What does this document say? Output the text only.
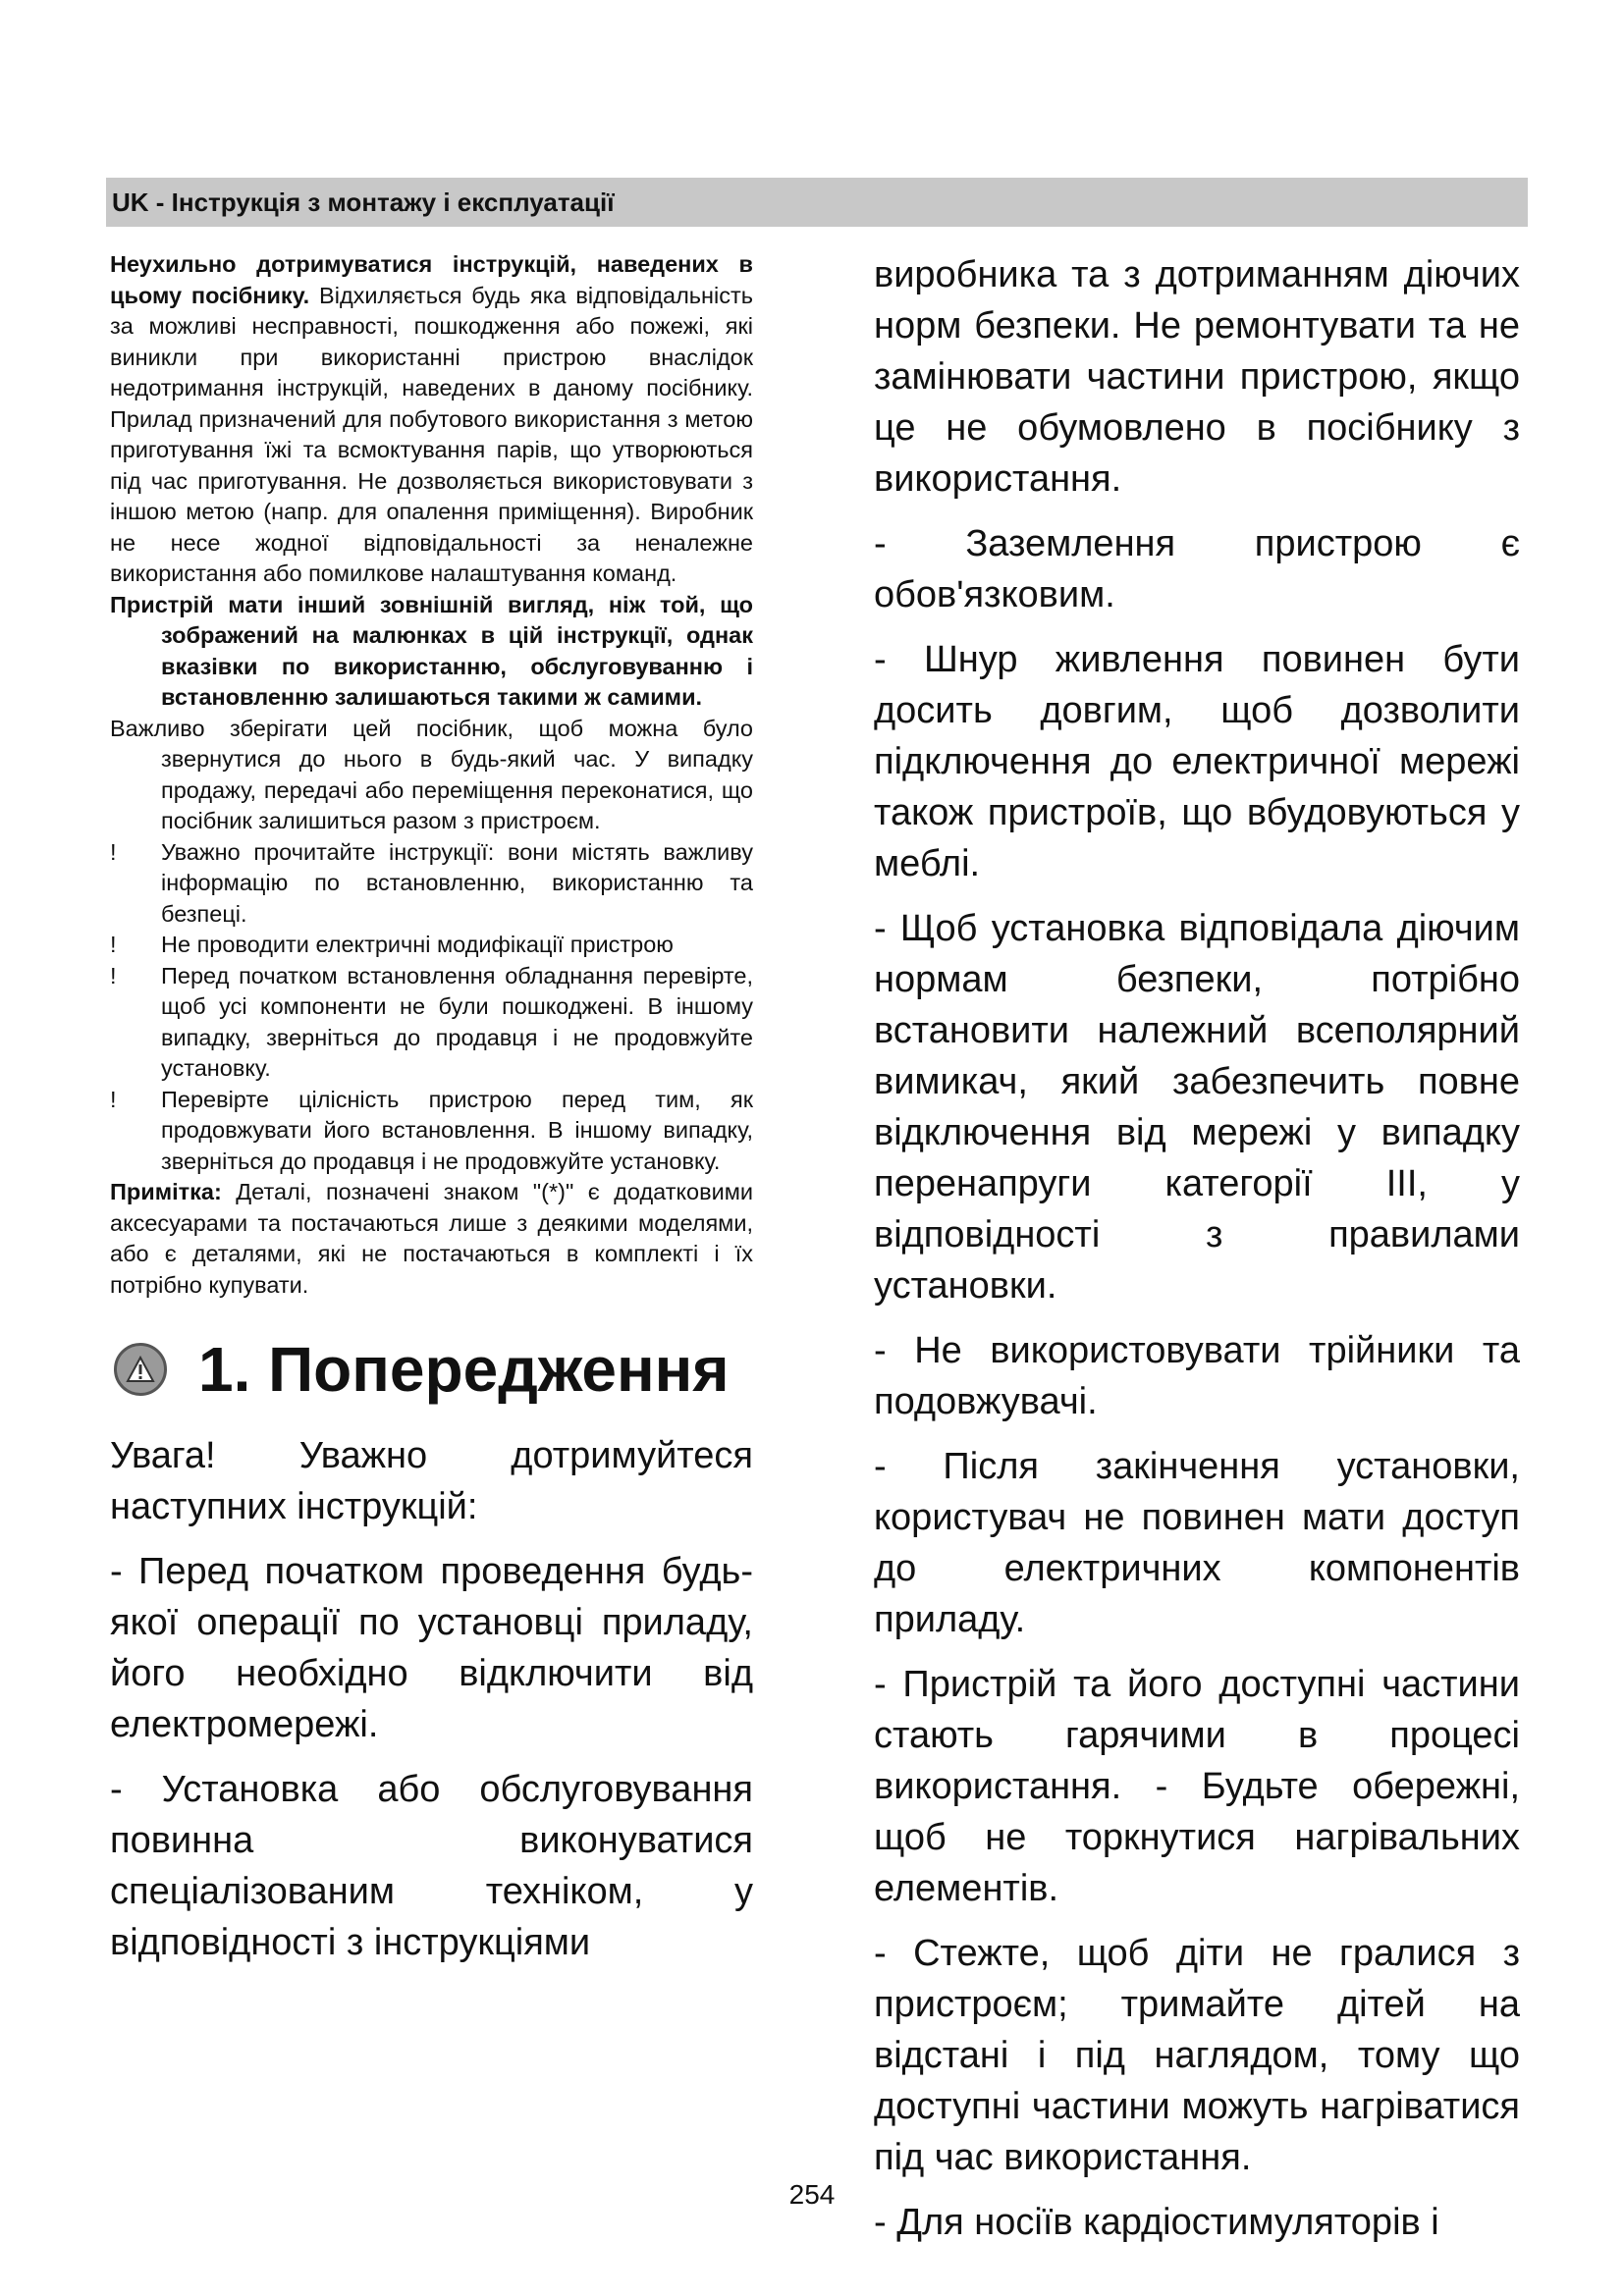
UK - Інструкція з монтажу і експлуатації

Неухильно дотримуватися інструкцій, наведених в цьому посібнику. Відхиляється будь яка відповідальність за можливі несправності, пошкодження або пожежі, які виникли при використанні пристрою внаслідок недотримання інструкцій, наведених в даному посібнику. Прилад призначений для побутового використання з метою приготування їжі та всмоктування парів, що утворюються під час приготування. Не дозволяється використовувати з іншою метою (напр. для опалення приміщення). Виробник не несе жодної відповідальності за неналежне використання або помилкове налаштування команд.

Пристрій мати інший зовнішній вигляд, ніж той, що зображений на малюнках в цій інструкції, однак вказівки по використанню, обслуговуванню і встановленню залишаються такими ж самими.

Важливо зберігати цей посібник, щоб можна було звернутися до нього в будь-який час. У випадку продажу, передачі або переміщення переконатися, що посібник залишиться разом з пристроєм.

!	Уважно прочитайте інструкції: вони містять важливу інформацію по встановленню, використанню та безпеці.
!	Не проводити електричні модифікації пристрою
!	Перед початком встановлення обладнання перевірте, щоб усі компоненти не були пошкоджені. В іншому випадку, зверніться до продавця і не продовжуйте установку.
!	Перевірте цілісність пристрою перед тим, як продовжувати його встановлення. В іншому випадку, зверніться до продавця і не продовжуйте установку.

Примітка: Деталі, позначені знаком "(*)" є додатковими аксесуарами та постачаються лише з деякими моделями, або є деталями, які не постачаються в комплекті і їх потрібно купувати.

1. Попередження

Увага! Уважно дотримуйтеся наступних інструкцій:

- Перед початком проведення будь-якої операції по установці приладу, його необхідно відключити від електромережі.

- Установка або обслуговування повинна виконуватися спеціалізованим техніком, у відповідності з інструкціями

виробника та з дотриманням діючих норм безпеки. Не ремонтувати та не замінювати частини пристрою, якщо це не обумовлено в посібнику з використання.

- Заземлення пристрою є обов'язковим.

- Шнур живлення повинен бути досить довгим, щоб дозволити підключення до електричної мережі також пристроїв, що вбудовуються у меблі.

- Щоб установка відповідала діючим нормам безпеки, потрібно встановити належний всеполярний вимикач, який забезпечить повне відключення від мережі у випадку перенапруги категорії III, у відповідності з правилами установки.

- Не використовувати трійники та подовжувачі.

- Після закінчення установки, користувач не повинен мати доступ до електричних компонентів приладу.

- Пристрій та його доступні частини стають гарячими в процесі використання. - Будьте обережні, щоб не торкнутися нагрівальних елементів.

- Стежте, щоб діти не гралися з пристроєм; тримайте дітей на відстані і під наглядом, тому що доступні частини можуть нагріватися під час використання.

- Для носіїв кардіостимуляторів і

254
